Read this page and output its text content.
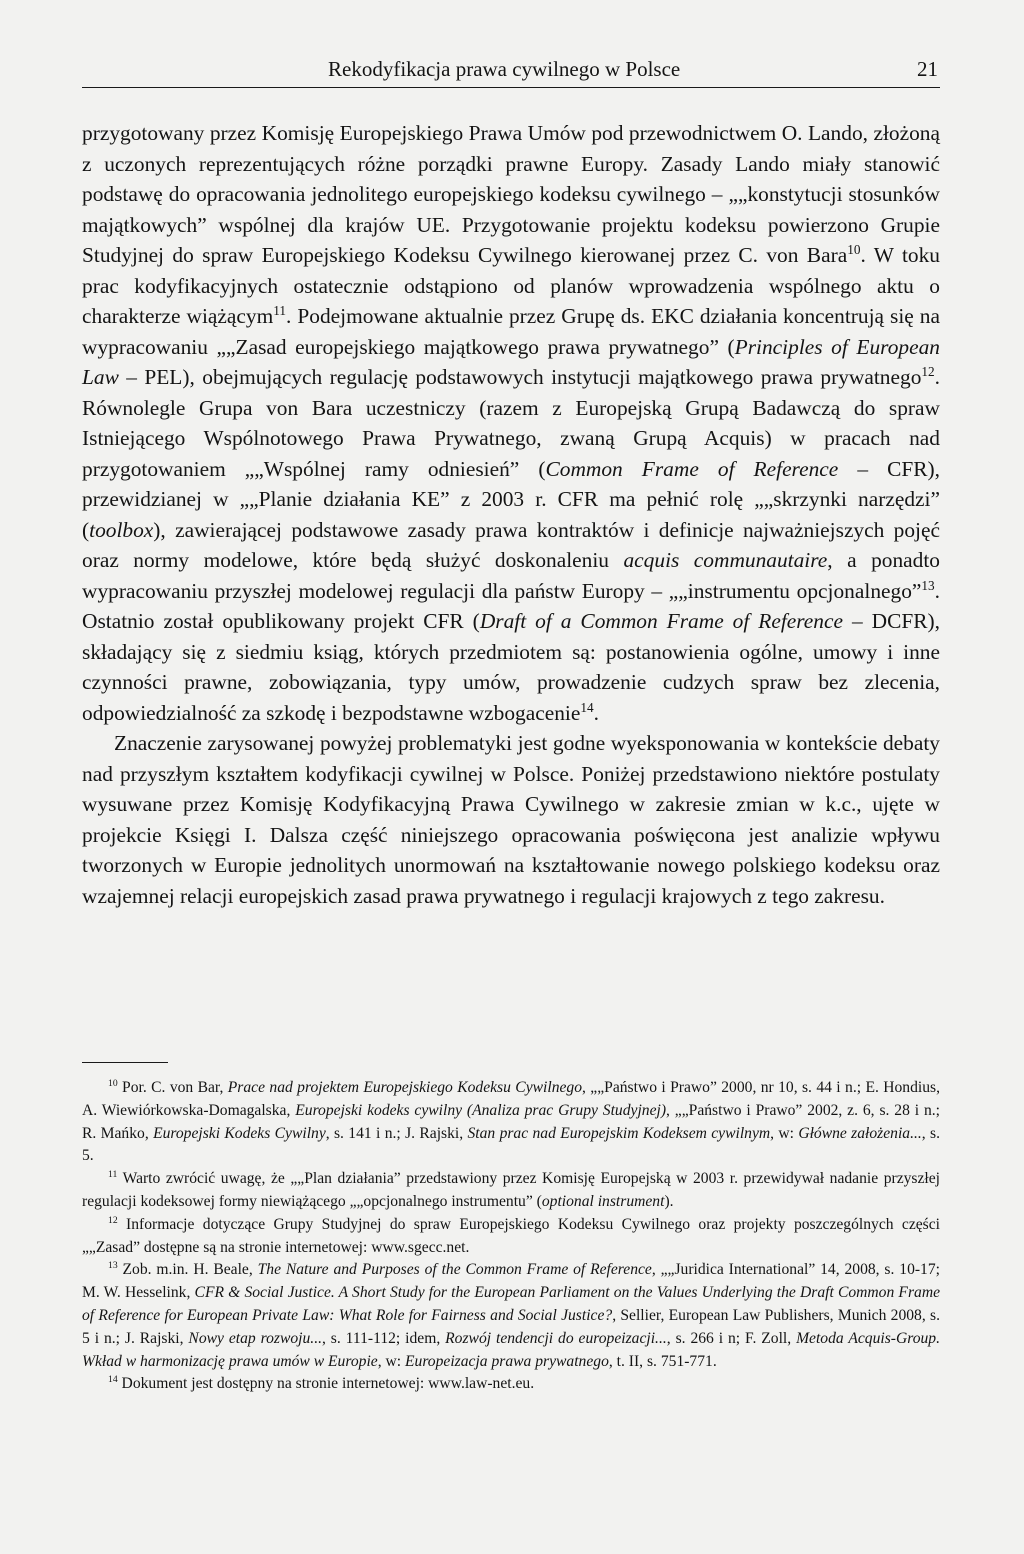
Rekodyfikacja prawa cywilnego w Polsce	21

przygotowany przez Komisję Europejskiego Prawa Umów pod przewodnictwem O. Lando, złożoną z uczonych reprezentujących różne porządki prawne Europy. Zasady Lando miały stanowić podstawę do opracowania jednolitego europejskiego kodeksu cywilnego – „„konstytucji stosunków majątkowych” wspólnej dla krajów UE. Przygotowanie projektu kodeksu powierzono Grupie Studyjnej do spraw Europejskiego Kodeksu Cywilnego kierowanej przez C. von Bara$^{10}$. W toku prac kodyfikacyjnych ostatecznie odstąpiono od planów wprowadzenia wspólnego aktu o charakterze wiążącym$^{11}$. Podejmowane aktualnie przez Grupę ds. EKC działania koncentrują się na wypracowaniu „„Zasad europejskiego majątkowego prawa prywatnego” (Principles of European Law – PEL), obejmujących regulację podstawowych instytucji majątkowego prawa prywatnego$^{12}$. Równolegle Grupa von Bara uczestniczy (razem z Europejską Grupą Badawczą do spraw Istniejącego Wspólnotowego Prawa Prywatnego, zwaną Grupą Acquis) w pracach nad przygotowaniem „„Wspólnej ramy odniesień” (Common Frame of Reference – CFR), przewidzianej w „„Planie działania KE” z 2003 r. CFR ma pełnić rolę „„skrzynki narzędzi” (toolbox), zawierającej podstawowe zasady prawa kontraktów i definicje najważniejszych pojęć oraz normy modelowe, które będą służyć doskonaleniu acquis communautaire, a ponadto wypracowaniu przyszłej modelowej regulacji dla państw Europy – „„instrumentu opcjonalnego”$^{13}$. Ostatnio został opublikowany projekt CFR (Draft of a Common Frame of Reference – DCFR), składający się z siedmiu ksiąg, których przedmiotem są: postanowienia ogólne, umowy i inne czynności prawne, zobowiązania, typy umów, prowadzenie cudzych spraw bez zlecenia, odpowiedzialność za szkodę i bezpodstawne wzbogacenie$^{14}$.

Znaczenie zarysowanej powyżej problematyki jest godne wyeksponowania w kontekście debaty nad przyszłym kształtem kodyfikacji cywilnej w Polsce. Poniżej przedstawiono niektóre postulaty wysuwane przez Komisję Kodyfikacyjną Prawa Cywilnego w zakresie zmian w k.c., ujęte w projekcie Księgi I. Dalsza część niniejszego opracowania poświęcona jest analizie wpływu tworzonych w Europie jednolitych unormowań na kształtowanie nowego polskiego kodeksu oraz wzajemnej relacji europejskich zasad prawa prywatnego i regulacji krajowych z tego zakresu.

$^{10}$ Por. C. von Bar, Prace nad projektem Europejskiego Kodeksu Cywilnego, „„Państwo i Prawo” 2000, nr 10, s. 44 i n.; E. Hondius, A. Wiewiórkowska-Domagalska, Europejski kodeks cywilny (Analiza prac Grupy Studyjnej), „„Państwo i Prawo” 2002, z. 6, s. 28 i n.; R. Mańko, Europejski Kodeks Cywilny, s. 141 i n.; J. Rajski, Stan prac nad Europejskim Kodeksem cywilnym, w: Główne założenia..., s. 5.

$^{11}$ Warto zwrócić uwagę, że „„Plan działania” przedstawiony przez Komisję Europejską w 2003 r. przewidywał nadanie przyszłej regulacji kodeksowej formy niewiążącego „„opcjonalnego instrumentu” (optional instrument).

$^{12}$ Informacje dotyczące Grupy Studyjnej do spraw Europejskiego Kodeksu Cywilnego oraz projekty poszczególnych części „„Zasad” dostępne są na stronie internetowej: www.sgecc.net.

$^{13}$ Zob. m.in. H. Beale, The Nature and Purposes of the Common Frame of Reference, „„Juridica International” 14, 2008, s. 10-17; M. W. Hesselink, CFR & Social Justice. A Short Study for the European Parliament on the Values Underlying the Draft Common Frame of Reference for European Private Law: What Role for Fairness and Social Justice?, Sellier, European Law Publishers, Munich 2008, s. 5 i n.; J. Rajski, Nowy etap rozwoju..., s. 111-112; idem, Rozwój tendencji do europeizacji..., s. 266 i n; F. Zoll, Metoda Acquis-Group. Wkład w harmonizację prawa umów w Europie, w: Europeizacja prawa prywatnego, t. II, s. 751-771.

$^{14}$ Dokument jest dostępny na stronie internetowej: www.law-net.eu.
